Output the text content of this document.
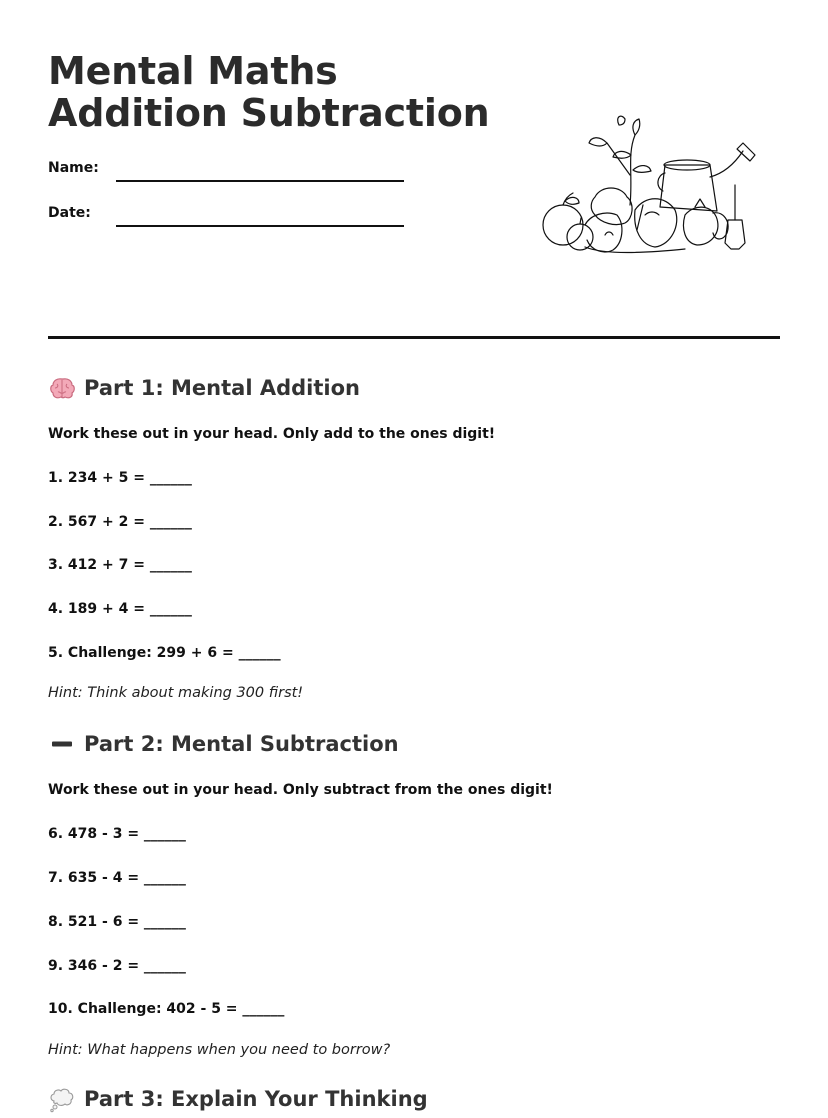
Mental Maths Addition Subtraction
Name:
Date:
Part 1: Mental Addition
Work these out in your head. Only add to the ones digit!
1. 234 + 5 = ______
2. 567 + 2 = ______
3. 412 + 7 = ______
4. 189 + 4 = ______
5. Challenge: 299 + 6 = ______
Hint: Think about making 300 first!
Part 2: Mental Subtraction
Work these out in your head. Only subtract from the ones digit!
6. 478 - 3 = ______
7. 635 - 4 = ______
8. 521 - 6 = ______
9. 346 - 2 = ______
10. Challenge: 402 - 5 = ______
Hint: What happens when you need to borrow?
Part 3: Explain Your Thinking
